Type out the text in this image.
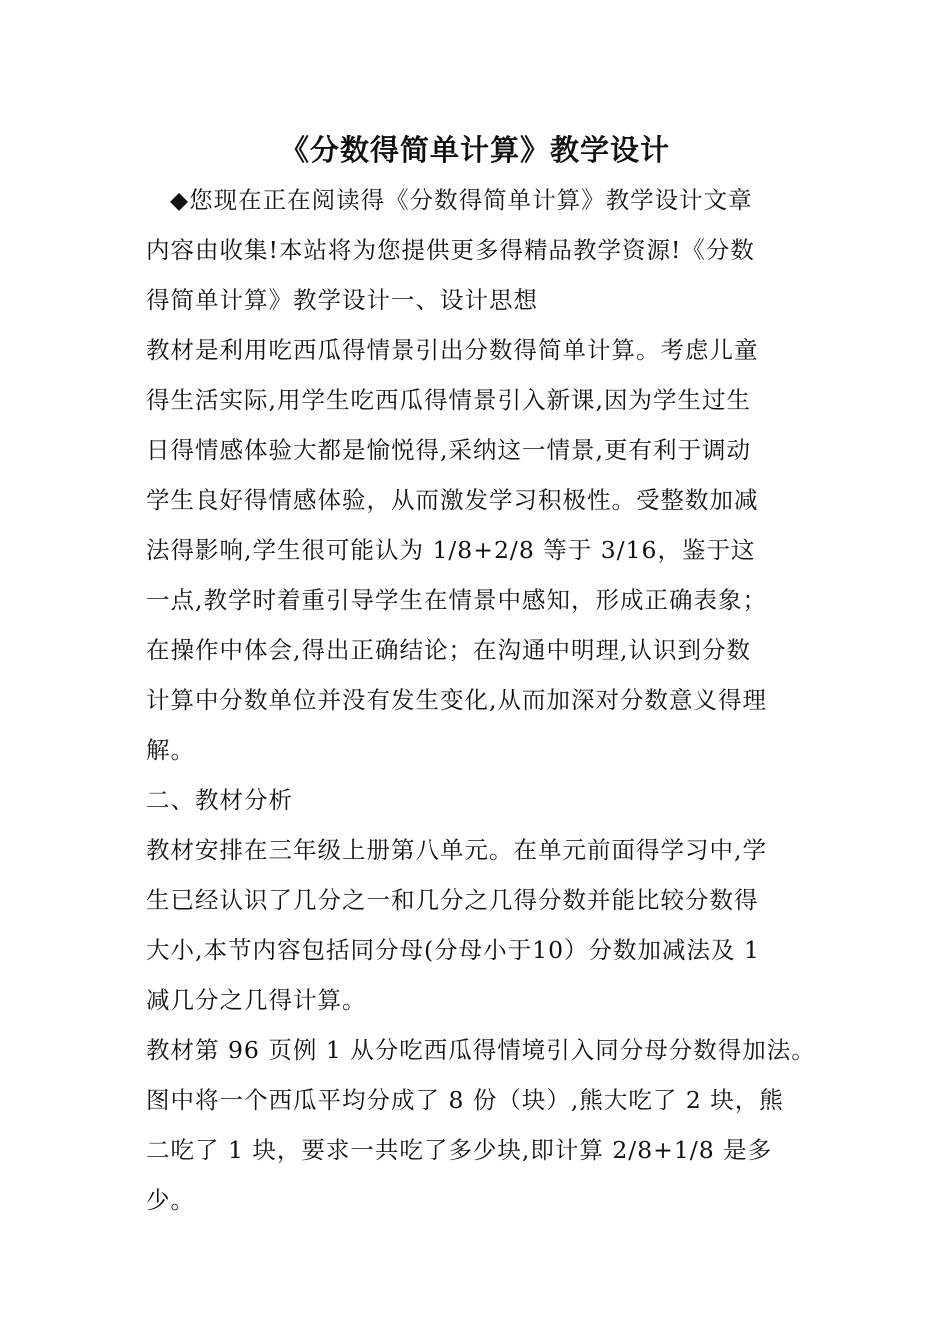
《分数得简单计算》教学设计
◆您现在正在阅读得《分数得简单计算》教学设计文章
内容由收集!本站将为您提供更多得精品教学资源!《分数
得简单计算》教学设计一、设计思想
教材是利用吃西瓜得情景引出分数得简单计算。考虑儿童
得生活实际,用学生吃西瓜得情景引入新课,因为学生过生
日得情感体验大都是愉悦得,采纳这一情景,更有利于调动
学生良好得情感体验，从而激发学习积极性。受整数加减
法得影响,学生很可能认为 1/8+2/8 等于 3/16，鉴于这
一点,教学时着重引导学生在情景中感知，形成正确表象；
在操作中体会,得出正确结论；在沟通中明理,认识到分数
计算中分数单位并没有发生变化,从而加深对分数意义得理
解。
二、教材分析
教材安排在三年级上册第八单元。在单元前面得学习中,学
生已经认识了几分之一和几分之几得分数并能比较分数得
大小,本节内容包括同分母(分母小于10）分数加减法及 1
减几分之几得计算。
教材第 96 页例 1 从分吃西瓜得情境引入同分母分数得加法。
图中将一个西瓜平均分成了 8 份（块）,熊大吃了 2 块，熊
二吃了 1 块，要求一共吃了多少块,即计算 2/8+1/8 是多
少。
